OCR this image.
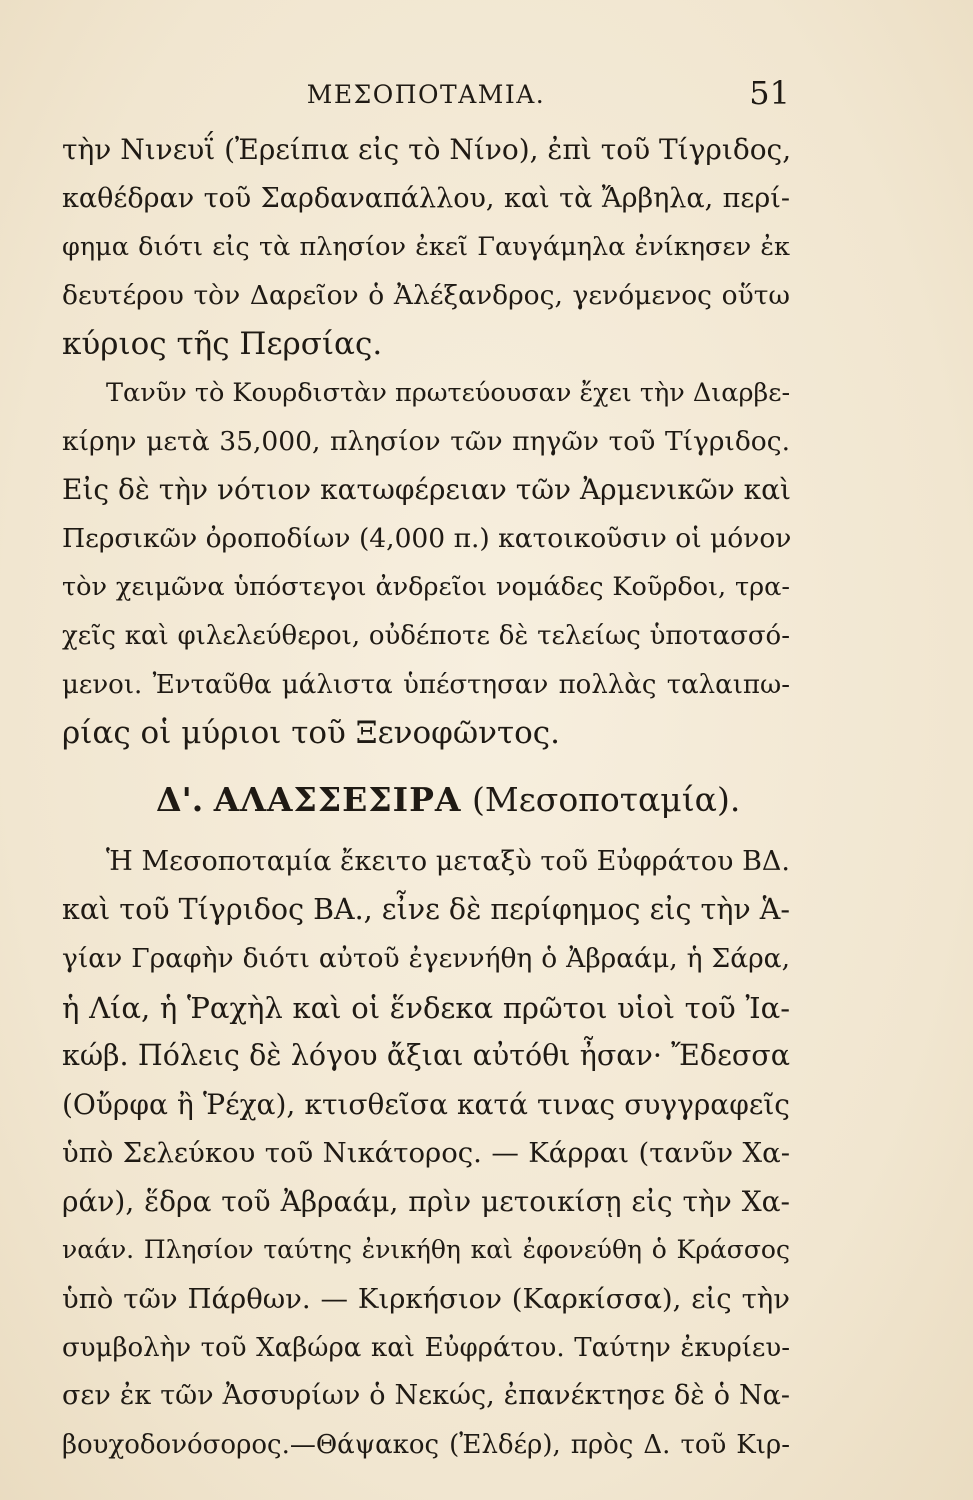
ΜΕΣΟΠΟΤΑΜΙΑ.	51
τὴν Νινευΐ (Ἐρείπια εἰς τὸ Νίνο), ἐπὶ τοῦ Τίγριδος,
καθέδραν τοῦ Σαρδαναπάλλου, καὶ τὰ Ἄρβηλα, περί-
φημα διότι εἰς τὰ πλησίον ἐκεῖ Γαυγάμηλα ἐνίκησεν ἐκ
δευτέρου τὸν Δαρεῖον ὁ Ἀλέξανδρος, γενόμενος οὕτω
κύριος τῆς Περσίας.
Τανῦν τὸ Κουρδιστὰν πρωτεύουσαν ἔχει τὴν Διαρβε-
κίρην μετὰ 35,000, πλησίον τῶν πηγῶν τοῦ Τίγριδος.
Εἰς δὲ τὴν νότιον κατωφέρειαν τῶν Ἀρμενικῶν καὶ
Περσικῶν ὀροποδίων (4,000 π.) κατοικοῦσιν οἱ μόνον
τὸν χειμῶνα ὑπόστεγοι ἀνδρεῖοι νομάδες Κοῦρδοι, τρα-
χεῖς καὶ φιλελεύθεροι, οὐδέποτε δὲ τελείως ὑποτασσό-
μενοι. Ἐνταῦθα μάλιστα ὑπέστησαν πολλὰς ταλαιπω-
ρίας οἱ μύριοι τοῦ Ξενοφῶντος.
Δ'. ΑΛΑΣΣΕΣΙΡΑ (Μεσοποταμία).
Ἡ Μεσοποταμία ἔκειτο μεταξὺ τοῦ Εὐφράτου ΒΔ.
καὶ τοῦ Τίγριδος ΒΑ., εἶνε δὲ περίφημος εἰς τὴν Ἁ-
γίαν Γραφὴν διότι αὐτοῦ ἐγεννήθη ὁ Ἀβραάμ, ἡ Σάρα,
ἡ Λία, ἡ Ῥαχὴλ καὶ οἱ ἕνδεκα πρῶτοι υἱοὶ τοῦ Ἰα-
κώβ. Πόλεις δὲ λόγου ἄξιαι αὐτόθι ἦσαν· Ἔδεσσα
(Οὔρφα ἢ Ῥέχα), κτισθεῖσα κατά τινας συγγραφεῖς
ὑπὸ Σελεύκου τοῦ Νικάτορος. — Κάρραι (τανῦν Χα-
ράν), ἕδρα τοῦ Ἀβραάμ, πρὶν μετοικίσῃ εἰς τὴν Χα-
ναάν. Πλησίον ταύτης ἐνικήθη καὶ ἐφονεύθη ὁ Κράσσος
ὑπὸ τῶν Πάρθων. — Κιρκήσιον (Καρκίσσα), εἰς τὴν
συμβολὴν τοῦ Χαβώρα καὶ Εὐφράτου. Ταύτην ἐκυρίευ-
σεν ἐκ τῶν Ἀσσυρίων ὁ Νεκώς, ἐπανέκτησε δὲ ὁ Να-
βουχοδονόσορος.—Θάψακος (Ἐλδέρ), πρὸς Δ. τοῦ Κιρ-
